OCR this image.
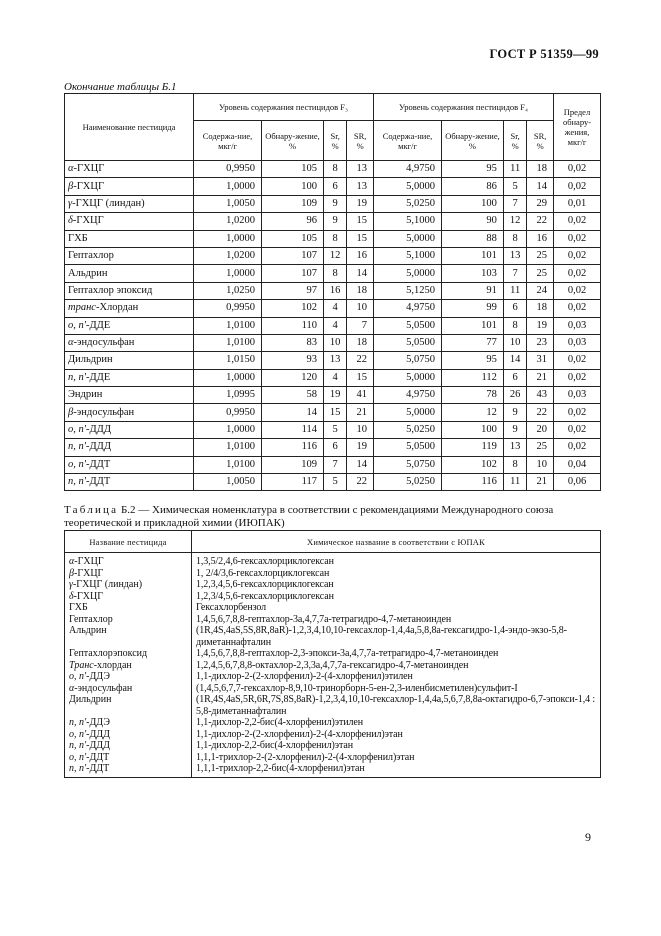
ГОСТ Р 51359—99
Окончание таблицы Б.1
Наименование пестицида	Уровень содержания пестицидов F₃				Уровень содержания пестицидов F₄				Предел обнару-жения, мкг/г
	Содержа-ние, мкг/г	Обнару-жение, %	Sr, %	SR, %	Содержа-ние, мкг/г	Обнару-жение, %	Sr, %	SR, %	
α-ГХЦГ	0,9950	105	8	13	4,9750	95	11	18	0,02
β-ГХЦГ	1,0000	100	6	13	5,0000	86	5	14	0,02
γ-ГХЦГ (линдан)	1,0050	109	9	19	5,0250	100	7	29	0,01
δ-ГХЦГ	1,0200	96	9	15	5,1000	90	12	22	0,02
ГХБ	1,0000	105	8	15	5,0000	88	8	16	0,02
Гептахлор	1,0200	107	12	16	5,1000	101	13	25	0,02
Альдрин	1,0000	107	8	14	5,0000	103	7	25	0,02
Гептахлор эпоксид	1,0250	97	16	18	5,1250	91	11	24	0,02
транс-Хлордан	0,9950	102	4	10	4,9750	99	6	18	0,02
о, п'-ДДЕ	1,0100	110	4	7	5,0500	101	8	19	0,03
α-эндосульфан	1,0100	83	10	18	5,0500	77	10	23	0,03
Дильдрин	1,0150	93	13	22	5,0750	95	14	31	0,02
п, п'-ДДЕ	1,0000	120	4	15	5,0000	112	6	21	0,02
Эндрин	1,0995	58	19	41	4,9750	78	26	43	0,03
β-эндосульфан	0,9950	14	15	21	5,0000	12	9	22	0,02
о, п'-ДДД	1,0000	114	5	10	5,0250	100	9	20	0,02
п, п'-ДДД	1,0100	116	6	19	5,0500	119	13	25	0,02
о, п'-ДДТ	1,0100	109	7	14	5,0750	102	8	10	0,04
п, п'-ДДТ	1,0050	117	5	22	5,0250	116	11	21	0,06
Таблица Б.2 — Химическая номенклатура в соответствии с рекомендациями Международного союза теоретической и прикладной химии (ИЮПАК)
Название пестицида	Химическое название в соответствии с ЮПАК
α-ГХЦГ	1,3,5/2,4,6-гексахлорциклогексан
β-ГХЦГ	1, 2/4/3,6-гексахлорциклогексан
γ-ГХЦГ (линдан)	1,2,3,4,5,6-гексахлорциклогексан
δ-ГХЦГ	1,2,3/4,5,6-гексахлорциклогексан
ГХБ	Гексахлорбензол
Гептахлор	1,4,5,6,7,8,8-гептахлор-3а,4,7,7а-тетрагидро-4,7-метаноинден
Альдрин	(1R,4S,4aS,5S,8R,8aR)-1,2,3,4,10,10-гексахлор-1,4,4a,5,8,8а-гексагидро-1,4-эндо-экзо-5,8-диметаннафталин
Гептахлорэпоксид	1,4,5,6,7,8,8-гептахлор-2,3-эпокси-3а,4,7,7а-тетрагидро-4,7-метаноинден
Транс-хлордан	1,2,4,5,6,7,8,8-октахлор-2,3,3а,4,7,7а-гексагидро-4,7-метаноинден
о, п'-ДДЭ	1,1-дихлор-2-(2-хлорфенил)-2-(4-хлорфенил)этилен
α-эндосульфан	(1,4,5,6,7,7-гексахлор-8,9,10-тринорборн-5-ен-2,3-иленбисметилен)сульфит-I
Дильдрин	(1R,4S,4aS,5R,6R,7S,8S,8aR)-1,2,3,4,10,10-гексахлор-1,4,4а,5,6,7,8,8а-октагидро-6,7-эпокси-1,4 : 5,8-диметаннафталин
п, п'-ДДЭ	1,1-дихлор-2,2-бис(4-хлорфенил)этилен
о, п'-ДДД	1,1-дихлор-2-(2-хлорфенил)-2-(4-хлорфенил)этан
п, п'-ДДД	1,1-дихлор-2,2-бис(4-хлорфенил)этан
о, п'-ДДТ	1,1,1-трихлор-2-(2-хлорфенил)-2-(4-хлорфенил)этан
п, п'-ДДТ	1,1,1-трихлор-2,2-бис(4-хлорфенил)этан
9
